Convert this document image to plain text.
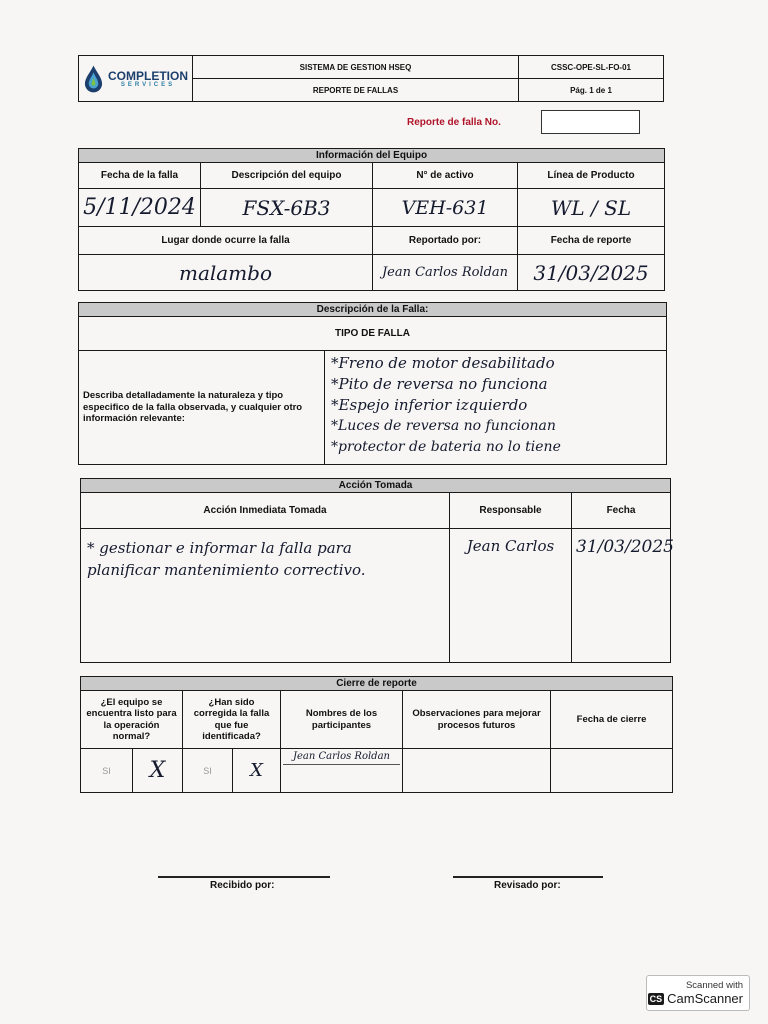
COMPLETION
SERVICES	SISTEMA DE GESTION HSEQ	CSSC-OPE-SL-FO-01
	REPORTE DE FALLAS	Pág. 1 de 1
Reporte de falla No.
Información del Equipo			
Fecha de la falla	Descripción del equipo	N° de activo	Línea de Producto
5/11/2024	FSX-6B3	VEH-631	WL / SL
Lugar donde ocurre la falla		Reportado por:	Fecha de reporte
malambo		Jean Carlos Roldan	31/03/2025
Descripción de la Falla:
TIPO DE FALLA
Describa detalladamente la naturaleza y tipo especifico de la falla observada, y cualquier otro información relevante:	
*Freno de motor desabilitado
*Pito de reversa no funciona
*Espejo inferior izquierdo
*Luces de reversa no funcionan
*protector de bateria no lo tiene
Acción Tomada		
Acción Inmediata Tomada	Responsable	Fecha

* gestionar e informar la falla para
planificar mantenimiento correctivo.	Jean Carlos	31/03/2025
Cierre de reporte						
¿El equipo se encuentra listo para la operación normal?		¿Han sido corregida la falla que fue identificada?		Nombres de los participantes	Observaciones para mejorar procesos futuros	Fecha de cierre
SI	X	SI	X	Jean Carlos Roldan		

Recibido por:	Revisado por:
Scanned with
CS CamScanner
